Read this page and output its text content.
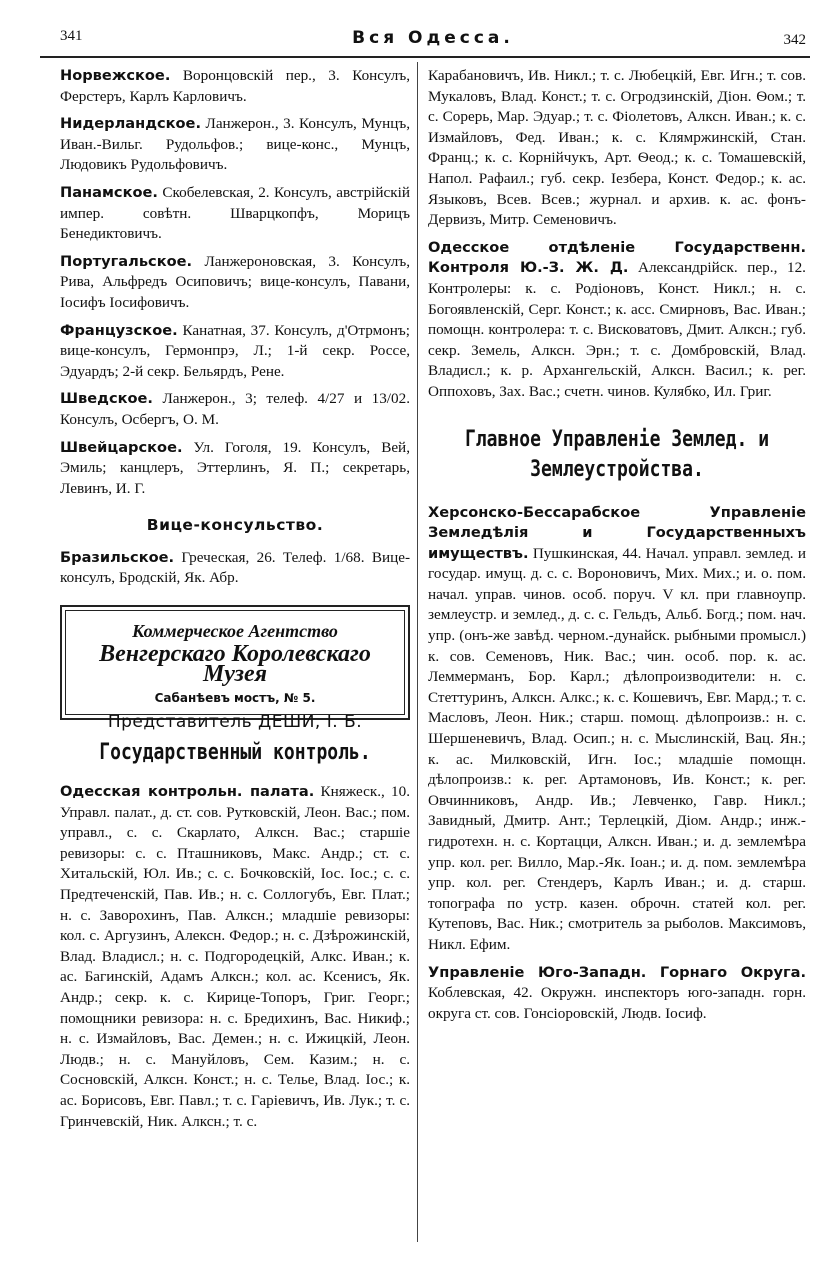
341	Вся Одесса.	342

Норвежское. Воронцовскій пер., 3. Консулъ, Ферстеръ, Карлъ Карловичъ.

Нидерландское. Ланжерон., 3. Консулъ, Мунцъ, Иван.-Вильг. Рудольфов.; вице-конс., Мунцъ, Людовикъ Рудольфовичъ.

Панамское. Скобелевская, 2. Консулъ, австрійскій импер. совѣтн. Шварцкопфъ, Морицъ Бенедиктовичъ.

Португальское. Ланжероновская, 3. Консулъ, Рива, Альфредъ Осиповичъ; вице-консулъ, Павани, Іосифъ Іосифовичъ.

Французское. Канатная, 37. Консулъ, д'Отрмонъ; вице-консулъ, Гермонпрэ, Л.; 1-й секр. Россе, Эдуардъ; 2-й секр. Бельярдъ, Рене.

Шведское. Ланжерон., 3; телеф. 4/27 и 13/02. Консулъ, Осбергъ, О. М.

Швейцарское. Ул. Гоголя, 19. Консулъ, Вей, Эмиль; канцлеръ, Эттерлинъ, Я. П.; секретарь, Левинъ, И. Г.

Вице-консульство.

Бразильское. Греческая, 26. Телеф. 1/68. Вице-консулъ, Бродскій, Як. Абр.

Коммерческое Агентство
Венгерскаго Королевскаго Музея
Сабанѣевъ мостъ, № 5.
Представитель ДЕШИ, І. Б.
Государственный контроль.

Одесская контрольн. палата. Княжеск., 10. Управл. палат., д. ст. сов. Рутковскій, Леон. Вас.; пом. управл., с. с. Скарлато, Алксн. Вас.; старшіе ревизоры: с. с. Пташниковъ, Макс. Андр.; ст. с. Хитальскій, Юл. Ив.; с. с. Бочковскій, Іос. Іос.; с. с. Предтеченскій, Пав. Ив.; н. с. Соллогубъ, Евг. Плат.; н. с. Заворохинъ, Пав. Алксн.; младшіе ревизоры: кол. с. Аргузинъ, Алексн. Федор.; н. с. Дзѣрожинскій, Влад. Владисл.; н. с. Подгородецкій, Алкс. Иван.; к. ас. Багинскій, Адамъ Алксн.; кол. ас. Ксенисъ, Як. Андр.; секр. к. с. Кирице-Топоръ, Григ. Георг.; помощники ревизора: н. с. Бредихинъ, Вас. Никиф.; н. с. Измайловъ, Вас. Демен.; н. с. Ижицкій, Леон. Людв.; н. с. Мануйловъ, Сем. Казим.; н. с. Сосновскій, Алксн. Конст.; н. с. Телье, Влад. Іос.; к. ас. Борисовъ, Евг. Павл.; т. с. Гаріевичъ, Ив. Лук.; т. с. Гринчевскій, Ник. Алксн.; т. с.

Карабановичъ, Ив. Никл.; т. с. Любецкій, Евг. Игн.; т. сов. Мукаловъ, Влад. Конст.; т. с. Огродзинскій, Діон. Ѳом.; т. с. Сорерь, Мар. Эдуар.; т. с. Фіолетовъ, Алксн. Иван.; к. с. Измайловъ, Фед. Иван.; к. с. Клямржинскій, Стан. Франц.; к. с. Корнійчукъ, Арт. Ѳеод.; к. с. Томашевскій, Напол. Рафаил.; губ. секр. Іезбера, Конст. Федор.; к. ас. Языковъ, Всев. Всев.; журнал. и архив. к. ас. фонъ-Дервизъ, Митр. Семеновичъ.

Одесское отдѣленіе Государственн. Контроля Ю.-З. Ж. Д. Александрійск. пер., 12. Контролеры: к. с. Родіоновъ, Конст. Никл.; н. с. Богоявленскій, Серг. Конст.; к. асс. Смирновъ, Вас. Иван.; помощн. контролера: т. с. Висковатовъ, Дмит. Алксн.; губ. секр. Земель, Алксн. Эрн.; т. с. Домбровскій, Влад. Владисл.; к. р. Архангельскій, Алксн. Васил.; к. рег. Оппоховъ, Зах. Вас.; счетн. чинов. Кулябко, Ил. Григ.

Главное Управленіе Землед. и Землеустройства.

Херсонско-Бессарабское Управленіе Земледѣлія и Государственныхъ имуществъ. Пушкинская, 44. Начал. управл. землед. и государ. имущ. д. с. с. Вороновичъ, Мих. Мих.; и. о. пом. начал. управ. чинов. особ. поруч. V кл. при главноупр. землеустр. и землед., д. с. с. Гельдъ, Альб. Богд.; пом. нач. упр. (онъ-же завѣд. черном.-дунайск. рыбными промысл.) к. сов. Семеновъ, Ник. Вас.; чин. особ. пор. к. ас. Леммерманъ, Бор. Карл.; дѣлопроизводители: н. с. Стеттуринъ, Алксн. Алкс.; к. с. Кошевичъ, Евг. Мард.; т. с. Масловъ, Леон. Ник.; старш. помощ. дѣлопроизв.: н. с. Шершеневичъ, Влад. Осип.; н. с. Мыслинскій, Вац. Ян.; к. ас. Милковскій, Игн. Іос.; младшіе помощн. дѣлопроизв.: к. рег. Артамоновъ, Ив. Конст.; к. рег. Овчинниковъ, Андр. Ив.; Левченко, Гавр. Никл.; Завидный, Дмитр. Ант.; Терлецкій, Діом. Андр.; инж.-гидротехн. н. с. Кортацци, Алксн. Иван.; и. д. землемѣра упр. кол. рег. Вилло, Мар.-Як. Іоан.; и. д. пом. землемѣра упр. кол. рег. Стендеръ, Карлъ Иван.; и. д. старш. топографа по устр. казен. оброчн. статей кол. рег. Кутеповъ, Вас. Ник.; смотритель за рыболов. Максимовъ, Никл. Ефим.

Управленіе Юго-Западн. Горнаго Округа. Коблевская, 42. Окружн. инспекторъ юго-западн. горн. округа ст. сов. Гонсіоровскій, Людв. Іосиф.
